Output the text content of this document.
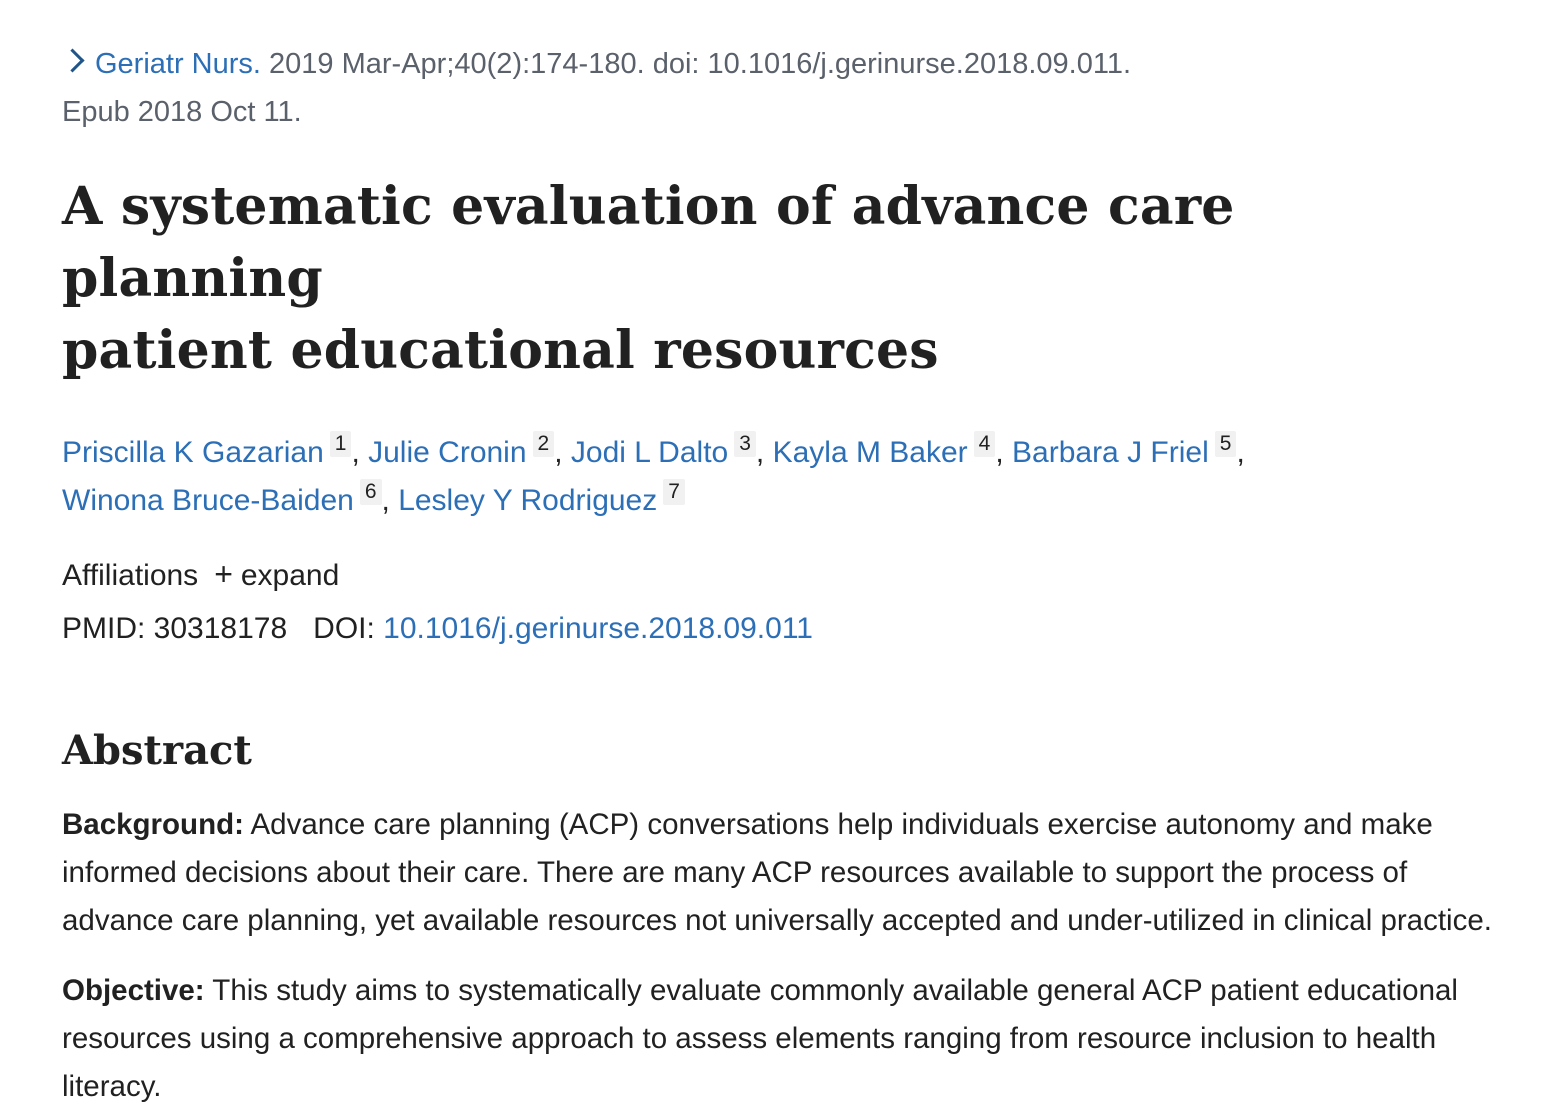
Geriatr Nurs. 2019 Mar-Apr;40(2):174-180. doi: 10.1016/j.gerinurse.2018.09.011.
Epub 2018 Oct 11.

A systematic evaluation of advance care planning
patient educational resources
Priscilla K Gazarian 1 , Julie Cronin 2 , Jodi L Dalto 3 , Kayla M Baker 4 , Barbara J Friel 5 ,
Winona Bruce-Baiden 6 , Lesley Y Rodriguez 7
Affiliations + expand
PMID: 30318178 DOI: 10.1016/j.gerinurse.2018.09.011
Abstract

Background: Advance care planning (ACP) conversations help individuals exercise autonomy and make informed decisions about their care. There are many ACP resources available to support the process of advance care planning, yet available resources not universally accepted and under-utilized in clinical practice.

Objective: This study aims to systematically evaluate commonly available general ACP patient educational resources using a comprehensive approach to assess elements ranging from resource inclusion to health literacy.
